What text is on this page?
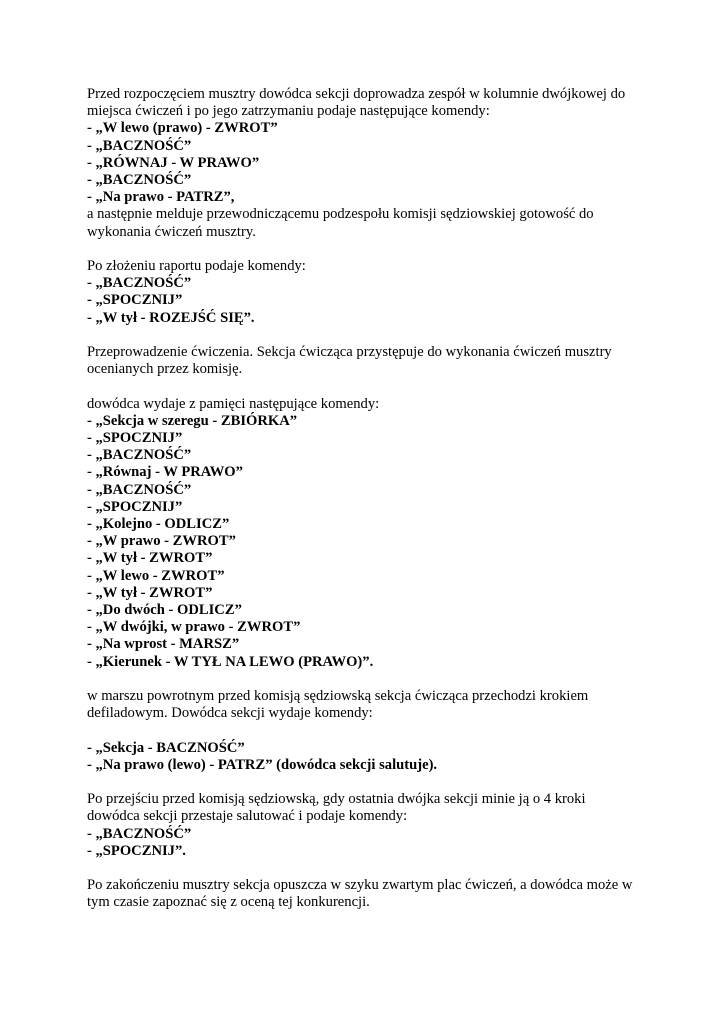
Przed rozpoczęciem musztry dowódca sekcji doprowadza zespół w kolumnie dwójkowej do
miejsca ćwiczeń i po jego zatrzymaniu podaje następujące komendy:
- „W lewo (prawo) - ZWROT”
- „BACZNOŚĆ”
- „RÓWNAJ - W PRAWO”
- „BACZNOŚĆ”
- „Na prawo - PATRZ”,
a następnie melduje przewodniczącemu podzespołu komisji sędziowskiej gotowość do
wykonania ćwiczeń musztry.
Po złożeniu raportu podaje komendy:
- „BACZNOŚĆ”
- „SPOCZNIJ”
- „W tył - ROZEJŚĆ SIĘ”.
Przeprowadzenie ćwiczenia. Sekcja ćwicząca przystępuje do wykonania ćwiczeń musztry
ocenianych przez komisję.
dowódca wydaje z pamięci następujące komendy:
- „Sekcja w szeregu - ZBIÓRKA”
- „SPOCZNIJ”
- „BACZNOŚĆ”
- „Równaj - W PRAWO”
- „BACZNOŚĆ”
- „SPOCZNIJ”
- „Kolejno - ODLICZ”
- „W prawo - ZWROT”
- „W tył - ZWROT”
- „W lewo - ZWROT”
- „W tył - ZWROT”
- „Do dwóch - ODLICZ”
- „W dwójki, w prawo - ZWROT”
- „Na wprost - MARSZ”
- „Kierunek - W TYŁ NA LEWO (PRAWO)”.
w marszu powrotnym przed komisją sędziowską sekcja ćwicząca przechodzi krokiem
defiladowym. Dowódca sekcji wydaje komendy:
- „Sekcja - BACZNOŚĆ”
- „Na prawo (lewo) - PATRZ” (dowódca sekcji salutuje).
Po przejściu przed komisją sędziowską, gdy ostatnia dwójka sekcji minie ją o 4 kroki
dowódca sekcji przestaje salutować i podaje komendy:
- „BACZNOŚĆ”
- „SPOCZNIJ”.
Po zakończeniu musztry sekcja opuszcza w szyku zwartym plac ćwiczeń, a dowódca może w
tym czasie zapoznać się z oceną tej konkurencji.
